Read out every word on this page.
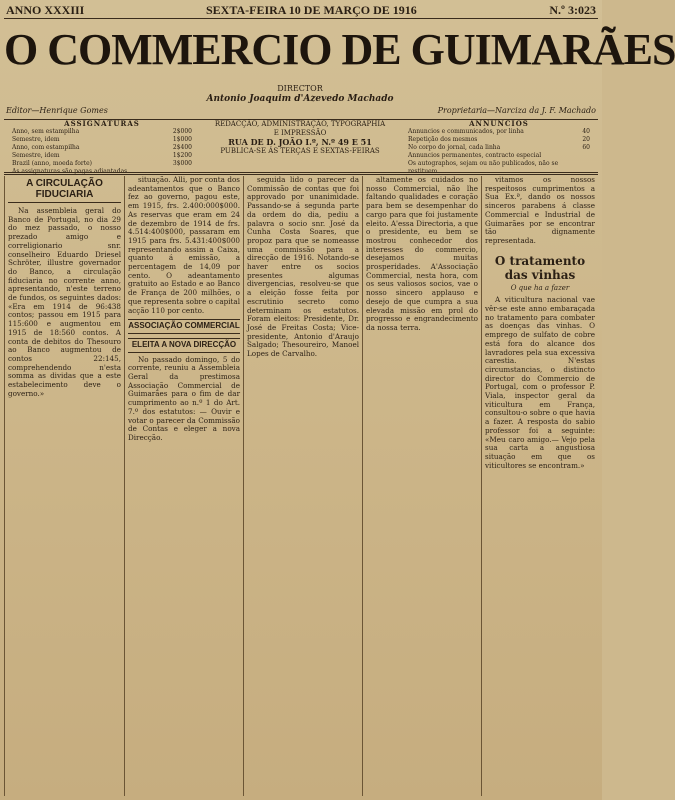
ANNO XXXIII	SEXTA-FEIRA 10 DE MARÇO DE 1916	N.º 3:023
O COMMERCIO DE GUIMARÃES
DIRECTOR
Antonio Joaquim d'Azevedo Machado
Editor—Henrique Gomes	Proprietaria—Narciza da J. F. Machado
ASSIGNATURAS
Anno, sem estampilha	2$000
Semestre, idem	1$000
Anno, com estampilha	2$400
Semestre, idem	1$200
Brazil (anno, moeda forte)	3$000
As assignaturas são pagas adiantadas.
REDACÇÃO, ADMINISTRAÇÃO, TYPOGRAPHIA
E IMPRESSÃO
RUA DE D. JOÃO I.º, N.º 49 E 51
PUBLICA-SE ÁS TERÇAS E SEXTAS-FEIRAS
ANNUNCIOS
Annuncios e communicados, por linha	40
Repetição dos mesmos	20
No corpo do jornal, cada linha	60
Annuncios permanentes, contracto especial
Os autographos, sejam ou não publicados, não se restituem.
A CIRCULAÇÃO FIDUCIARIA

Na assembleia geral do Banco de Portugal, no dia 29 do mez passado, o nosso prezado amigo e correligionario snr. conselheiro Eduardo Driesel Schröter, illustre governador do Banco, a circulação fiduciaria no corrente anno, apresentando, n'este terreno de fundos, os seguintes dados: «Era em 1914 de 96:438 contos; passou em 1915 para 115:600 e augmentou em 1915 de 18:560 contos. A conta de debitos do Thesouro ao Banco augmentou de contos 22:145, comprehendendo n'esta somma as dividas que a este estabelecimento deve o governo.»

situação. Alli, por conta dos adeantamentos que o Banco fez ao governo, pagou este, em 1915, frs. 2.400:000$000. As reservas que eram em 24 de dezembro de 1914 de frs. 4.514:400$000, passaram em 1915 para frs. 5.431:400$000 representando assim a Caixa, quanto á emissão, a percentagem de 14,09 por cento. O adeantamento gratuito ao Estado e ao Banco de França de 200 milhões, o que representa sobre o capital acção 110 por cento.

ASSOCIAÇÃO COMMERCIAL
ELEITA A NOVA DIRECÇÃO

No passado domingo, 5 do corrente, reuniu a Assembleia Geral da prestimosa Associação Commercial de Guimarães para o fim de dar cumprimento ao n.º 1 do Art. 7.º dos estatutos: — Ouvir e votar o parecer da Commissão de Contas e eleger a nova Direcção.

seguida lido o parecer da Commissão de contas que foi approvado por unanimidade. Passando-se á segunda parte da ordem do dia, pediu a palavra o socio snr. José da Cunha Costa Soares, que propoz para que se nomeasse uma commissão para a direcção de 1916. Notando-se haver entre os socios presentes algumas divergencias, resolveu-se que a eleição fosse feita por escrutinio secreto como determinam os estatutos. Foram eleitos: Presidente, Dr. José de Freitas Costa; Vice-presidente, Antonio d'Araujo Salgado; Thesoureiro, Manoel Lopes de Carvalho.

altamente os cuidados no nosso Commercial, não lhe faltando qualidades e coração para bem se desempenhar do cargo para que foi justamente eleito. A'essa Directoria, a que o presidente, eu bem se mostrou conhecedor dos interesses do commercio, desejamos muitas prosperidades. A'Associação Commercial, nesta hora, com os seus valiosos socios, vae o nosso sincero applauso e desejo de que cumpra a sua elevada missão em prol do progresso e engrandecimento da nossa terra.

vitamos os nossos respeitosos cumprimentos a Sua Ex.ª, dando os nossos sinceros parabens á classe Commercial e Industrial de Guimarães por se encontrar tão dignamente representada.

O tratamento das vinhas
O que ha a fazer

A viticultura nacional vae vêr-se este anno embaraçada no tratamento para combater as doenças das vinhas. O emprego de sulfato de cobre está fora do alcance dos lavradores pela sua excessiva carestia. N'estas circumstancias, o distincto director do Commercio de Portugal, com o professor P. Viala, inspector geral da viticultura em França, consultou-o sobre o que havia a fazer. A resposta do sabio professor foi a seguinte: «Meu caro amigo.— Vejo pela sua carta a angustiosa situação em que os viticultores se encontram.»
